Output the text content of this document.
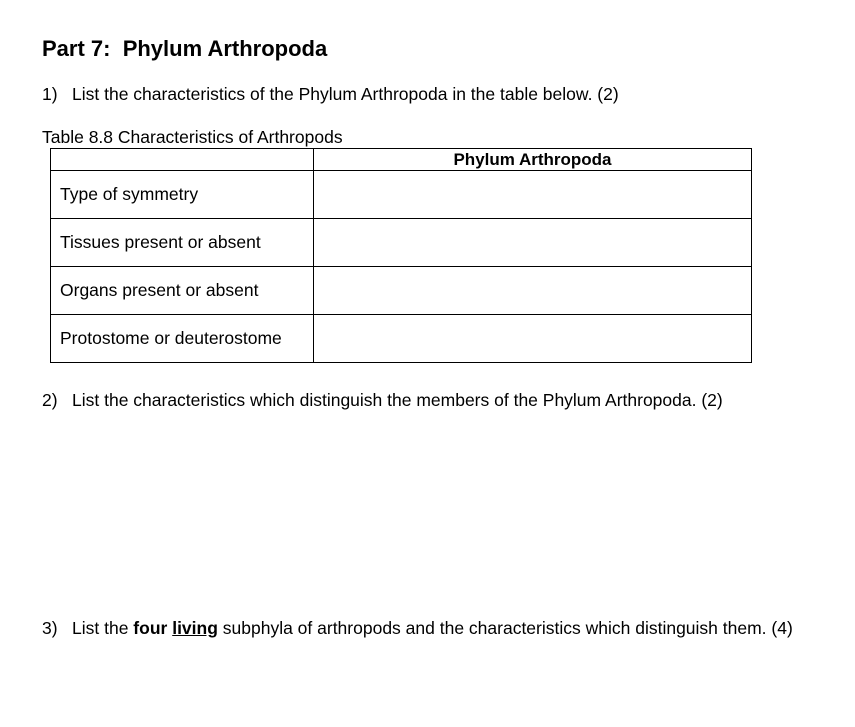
Part 7:  Phylum Arthropoda
1) List the characteristics of the Phylum Arthropoda in the table below. (2)
Table 8.8 Characteristics of Arthropods
	Phylum Arthropoda
Type of symmetry	
Tissues present or absent	
Organs present or absent	
Protostome or deuterostome	
2) List the characteristics which distinguish the members of the Phylum Arthropoda. (2)
3) List the four living subphyla of arthropods and the characteristics which distinguish them. (4)
